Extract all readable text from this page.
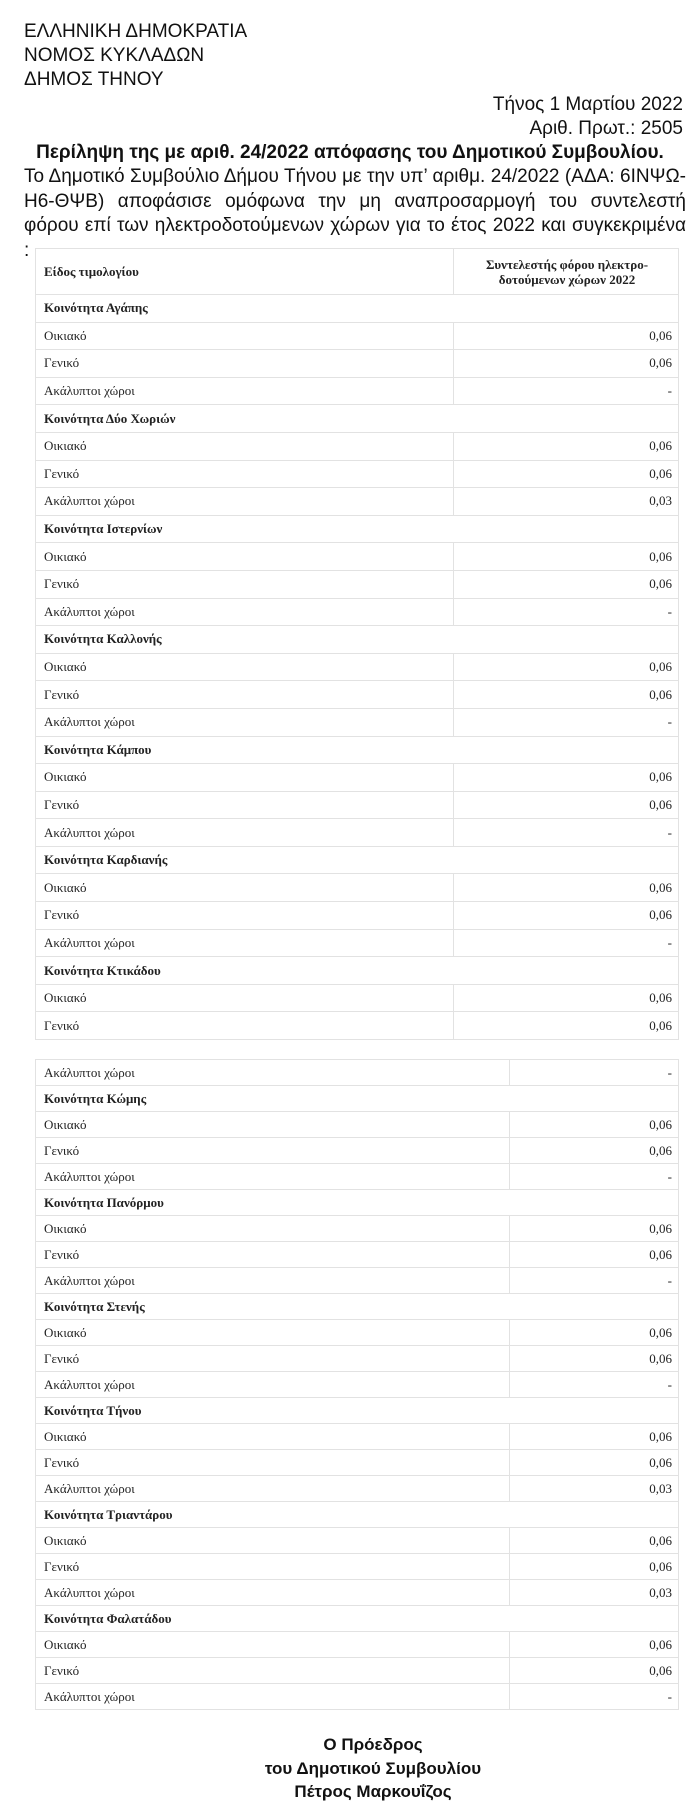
ΕΛΛΗΝΙΚΗ ΔΗΜΟΚΡΑΤΙΑ
ΝΟΜΟΣ ΚΥΚΛΑΔΩΝ
ΔΗΜΟΣ ΤΗΝΟΥ
Τήνος 1 Μαρτίου 2022
Αριθ. Πρωτ.: 2505
Περίληψη της με αριθ. 24/2022 απόφασης του Δημοτικού Συμβουλίου.
Το Δημοτικό Συμβούλιο Δήμου Τήνου με την υπ’ αριθμ. 24/2022 (ΑΔΑ: 6ΙΝΨΩ-Η6-ΘΨΒ) αποφάσισε ομόφωνα την μη αναπροσαρμογή του συντελεστή φόρου επί των ηλεκτροδοτούμενων χώρων για το έτος 2022 και συγκεκριμένα :
Είδος τιμολογίου	Συντελεστής φόρου ηλεκτρο-δοτούμενων χώρων 2022
Κοινότητα Αγάπης	
Οικιακό	0,06
Γενικό	0,06
Ακάλυπτοι χώροι	-
Κοινότητα Δύο Χωριών	
Οικιακό	0,06
Γενικό	0,06
Ακάλυπτοι χώροι	0,03
Κοινότητα Ιστερνίων	
Οικιακό	0,06
Γενικό	0,06
Ακάλυπτοι χώροι	-
Κοινότητα Καλλονής	
Οικιακό	0,06
Γενικό	0,06
Ακάλυπτοι χώροι	-
Κοινότητα Κάμπου	
Οικιακό	0,06
Γενικό	0,06
Ακάλυπτοι χώροι	-
Κοινότητα Καρδιανής	
Οικιακό	0,06
Γενικό	0,06
Ακάλυπτοι χώροι	-
Κοινότητα Κτικάδου	
Οικιακό	0,06
Γενικό	0,06
Ακάλυπτοι χώροι	-
Κοινότητα Κώμης	
Οικιακό	0,06
Γενικό	0,06
Ακάλυπτοι χώροι	-
Κοινότητα Πανόρμου	
Οικιακό	0,06
Γενικό	0,06
Ακάλυπτοι χώροι	-
Κοινότητα Στενής	
Οικιακό	0,06
Γενικό	0,06
Ακάλυπτοι χώροι	-
Κοινότητα Τήνου	
Οικιακό	0,06
Γενικό	0,06
Ακάλυπτοι χώροι	0,03
Κοινότητα Τριαντάρου	
Οικιακό	0,06
Γενικό	0,06
Ακάλυπτοι χώροι	0,03
Κοινότητα Φαλατάδου	
Οικιακό	0,06
Γενικό	0,06
Ακάλυπτοι χώροι	-
Ο Πρόεδρος
του Δημοτικού Συμβουλίου
Πέτρος Μαρκουΐζος
